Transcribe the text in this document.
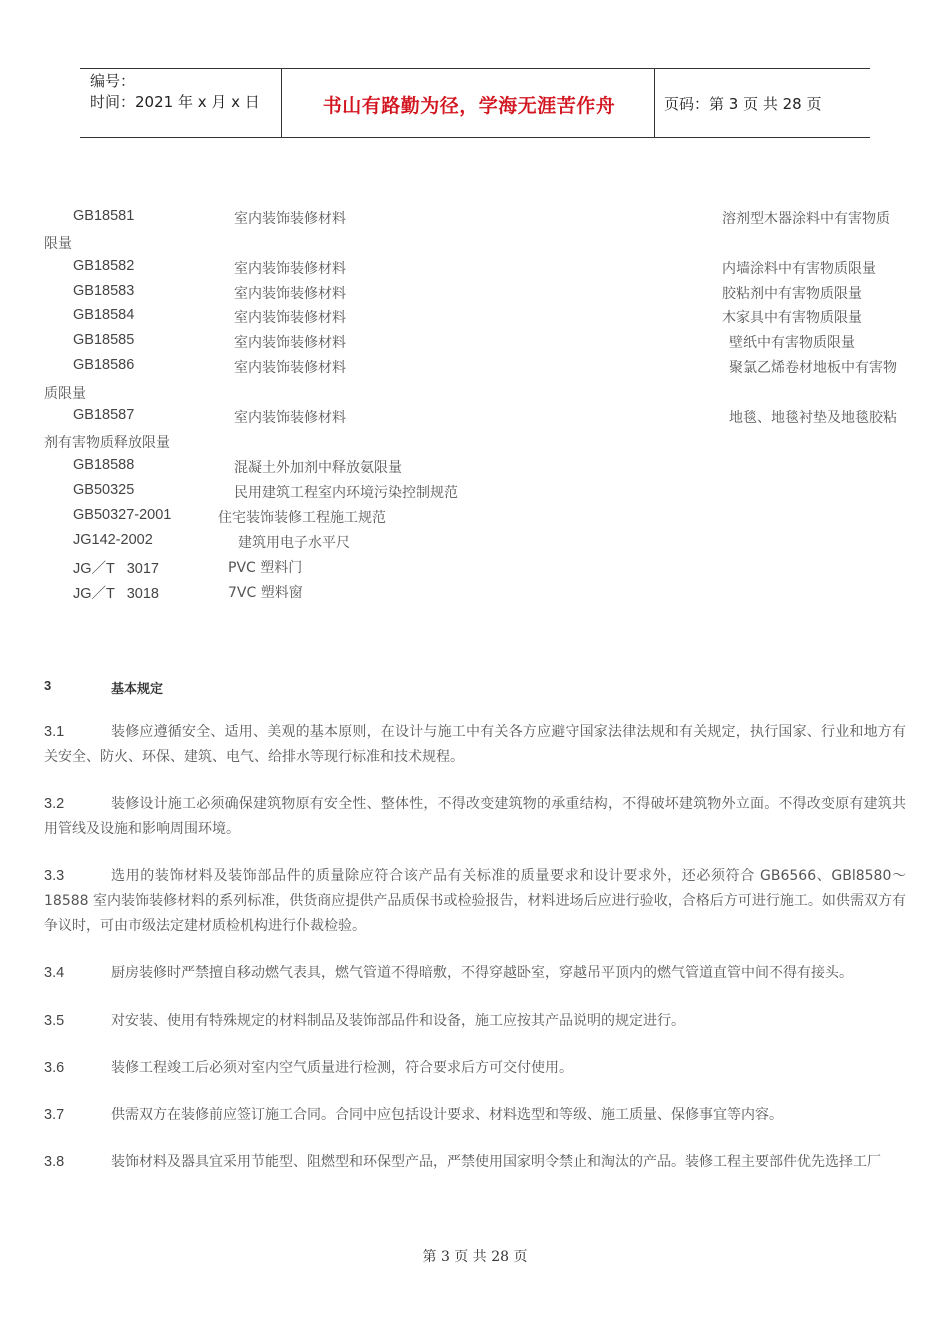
编号：
时间：2021 年 x 月 x 日	书山有路勤为径，学海无涯苦作舟	页码：第 3 页 共 28 页
GB18581	室内装饰装修材料	溶剂型木器涂料中有害物质
限量
GB18582	室内装饰装修材料	内墙涂料中有害物质限量
GB18583	室内装饰装修材料	胶粘剂中有害物质限量
GB18584	室内装饰装修材料	木家具中有害物质限量
GB18585	室内装饰装修材料	壁纸中有害物质限量
GB18586	室内装饰装修材料	聚氯乙烯卷材地板中有害物
质限量
GB18587	室内装饰装修材料	地毯、地毯衬垫及地毯胶粘
剂有害物质释放限量
GB18588	混凝土外加剂中释放氨限量
GB50325	民用建筑工程室内环境污染控制规范
GB50327-2001	住宅装饰装修工程施工规范
JG142-2002	建筑用电子水平尺
JG／T   3017	PVC 塑料门
JG／T   3018	7VC 塑料窗
3	基本规定
3.1	装修应遵循安全、适用、美观的基本原则，在设计与施工中有关各方应避守国家法律法规和有关规定，执行国家、行业和地方有关安全、防火、环保、建筑、电气、给排水等现行标准和技术规程。
3.2	装修设计施工必须确保建筑物原有安全性、整体性，不得改变建筑物的承重结构，不得破坏建筑物外立面。不得改变原有建筑共用管线及设施和影响周围环境。
3.3	选用的装饰材料及装饰部品件的质量除应符合该产品有关标准的质量要求和设计要求外，还必须符合 GB6566、GBl8580～18588 室内装饰装修材料的系列标准，供货商应提供产品质保书或检验报告，材料进场后应进行验收，合格后方可进行施工。如供需双方有争议时，可由市级法定建材质检机构进行仆裁检验。
3.4	厨房装修时严禁擅自移动燃气表具，燃气管道不得暗敷，不得穿越卧室，穿越吊平顶内的燃气管道直管中间不得有接头。
3.5	对安装、使用有特殊规定的材料制品及装饰部品件和设备，施工应按其产品说明的规定进行。
3.6	装修工程竣工后必须对室内空气质量进行检测，符合要求后方可交付使用。
3.7	供需双方在装修前应签订施工合同。合同中应包括设计要求、材料选型和等级、施工质量、保修事宜等内容。
3.8	装饰材料及器具宜采用节能型、阻燃型和环保型产品，严禁使用国家明令禁止和淘汰的产品。装修工程主要部件优先选择工厂
第 3 页 共 28 页
